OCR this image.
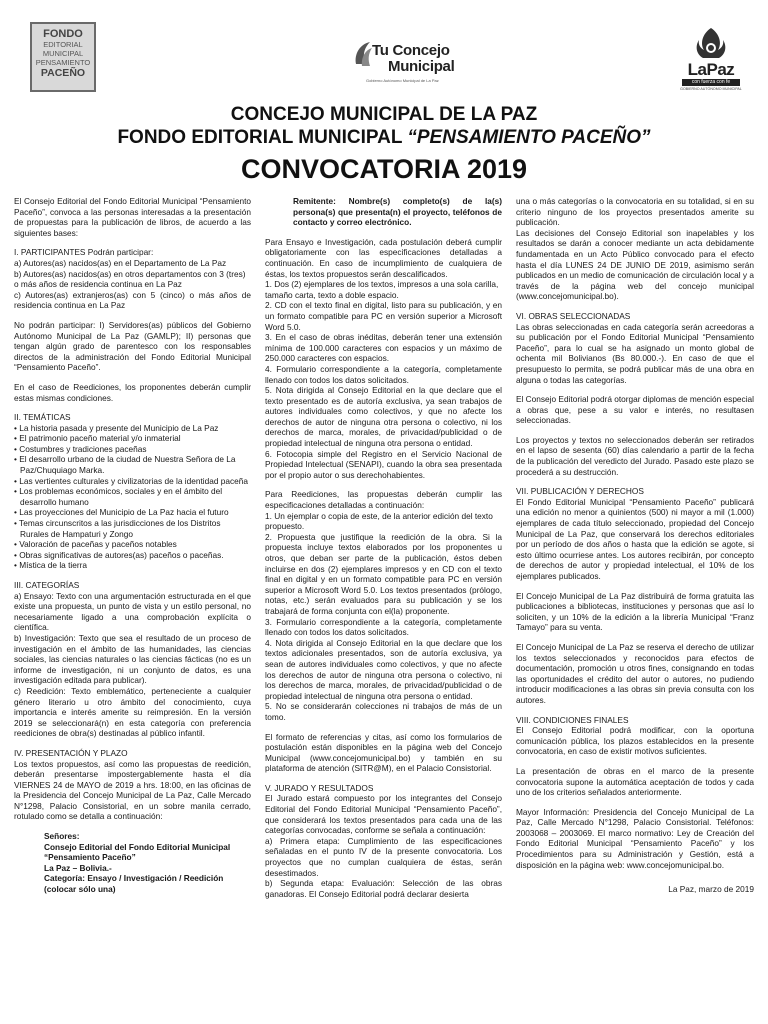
FONDO
EDITORIAL
MUNICIPAL
PENSAMIENTO
PACEÑO
Tu Concejo
Municipal
Gobierno Autónomo Municipal de La Paz
LaPaz
con fuerza con fe
GOBIERNO AUTÓNOMO MUNICIPAL
CONCEJO MUNICIPAL DE LA PAZ
FONDO EDITORIAL MUNICIPAL “PENSAMIENTO PACEÑO”
CONVOCATORIA 2019

El Consejo Editorial del Fondo Editorial Municipal “Pensamiento Paceño”, convoca a las personas interesadas a la presentación de propuestas para la publicación de libros, de acuerdo a las siguientes bases:

I. PARTICIPANTES Podrán participar:
a) Autores(as) nacidos(as) en el Departamento de La Paz
b) Autores(as) nacidos(as) en otros departamentos con 3 (tres) o más años de residencia continua en La Paz

c) Autores(as) extranjeros(as) con 5 (cinco) o más años de residencia continua en La Paz

No podrán participar: I) Servidores(as) públicos del Gobierno Autónomo Municipal de La Paz (GAMLP); II) personas que tengan algún grado de parentesco con los responsables directos de la administración del Fondo Editorial Municipal “Pensamiento Paceño”.

En el caso de Reediciones, los proponentes deberán cumplir estas mismas condiciones.

II. TEMÁTICAS
• La historia pasada y presente del Municipio de La Paz
• El patrimonio paceño material y/o inmaterial
• Costumbres y tradiciones paceñas
• El desarrollo urbano de la ciudad de Nuestra Señora de La Paz/Chuquiago Marka.
• Las vertientes culturales y civilizatorias de la identidad paceña
• Los problemas económicos, sociales y en el ámbito del desarrollo humano
• Las proyecciones del Municipio de La Paz hacia el futuro
• Temas circunscritos a las jurisdicciones de los Distritos Rurales de Hampaturi y Zongo
• Valoración de paceñas y paceños notables
• Obras significativas de autores(as) paceños o paceñas.
• Mística de la tierra
III. CATEGORÍAS

a) Ensayo: Texto con una argumentación estructurada en el que existe una propuesta, un punto de vista y un estilo personal, no necesariamente ligado a una comprobación explícita o científica.

b) Investigación: Texto que sea el resultado de un proceso de investigación en el ámbito de las humanidades, las ciencias sociales, las ciencias naturales o las ciencias fácticas (no es un informe de investigación, ni un conjunto de datos, es una investigación editada para publicar).

c) Reedición: Texto emblemático, perteneciente a cualquier género literario u otro ámbito del conocimiento, cuya importancia e interés amerite su reimpresión. En la versión 2019 se seleccionará(n) en esta categoría con preferencia reediciones de obra(s) destinadas al público infantil.

IV. PRESENTACIÓN Y PLAZO

Los textos propuestos, así como las propuestas de reedición, deberán presentarse impostergablemente hasta el día VIERNES 24 de MAYO de 2019 a hrs. 18:00, en las oficinas de la Presidencia del Concejo Municipal de La Paz, Calle Mercado N°1298, Palacio Consistorial, en un sobre manila cerrado, rotulado como se detalla a continuación:

Señores:
Consejo Editorial del Fondo Editorial Municipal “Pensamiento Paceño”
La Paz – Bolivia.-
Categoría: Ensayo / Investigación / Reedición (colocar sólo una)

Remitente: Nombre(s) completo(s) de la(s) persona(s) que presenta(n) el proyecto, teléfonos de contacto y correo electrónico.

Para Ensayo e Investigación, cada postulación deberá cumplir obligatoriamente con las especificaciones detalladas a continuación. En caso de incumplimiento de cualquiera de éstas, los textos propuestos serán descalificados.

1. Dos (2) ejemplares de los textos, impresos a una sola carilla, tamaño carta, texto a doble espacio.
2. CD con el texto final en digital, listo para su publicación, y en un formato compatible para PC en versión superior a Microsoft Word 5.0.
3. En el caso de obras inéditas, deberán tener una extensión mínima de 100.000 caracteres con espacios y un máximo de 250.000 caracteres con espacios.
4. Formulario correspondiente a la categoría, completamente llenado con todos los datos solicitados.
5. Nota dirigida al Consejo Editorial en la que declare que el texto presentado es de autoría exclusiva, ya sean trabajos de autores individuales como colectivos, y que no afecte los derechos de autor de ninguna otra persona o colectivo, ni los derechos de marca, morales, de privacidad/publicidad o de propiedad intelectual de ninguna otra persona o entidad.

6. Fotocopia simple del Registro en el Servicio Nacional de Propiedad Intelectual (SENAPI), cuando la obra sea presentada por el propio autor o sus derechohabientes.

Para Reediciones, las propuestas deberán cumplir las especificaciones detalladas a continuación:

1. Un ejemplar o copia de este, de la anterior edición del texto propuesto.
2. Propuesta que justifique la reedición de la obra. Si la propuesta incluye textos elaborados por los proponentes u otros, que deban ser parte de la publicación, éstos deben incluirse en dos (2) ejemplares impresos y en CD con el texto final en digital y en un formato compatible para PC en versión superior a Microsoft Word 5.0. Los textos presentados (prólogo, notas, etc.) serán evaluados para su publicación y se los trabajará de forma conjunta con el(la) proponente.
3. Formulario correspondiente a la categoría, completamente llenado con todos los datos solicitados.
4. Nota dirigida al Consejo Editorial en la que declare que los textos adicionales presentados, son de autoría exclusiva, ya sean de autores individuales como colectivos, y que no afecte los derechos de autor de ninguna otra persona o colectivo, ni los derechos de marca, morales, de privacidad/publicidad o de propiedad intelectual de ninguna otra persona o entidad.

5. No se considerarán colecciones ni trabajos de más de un tomo.

El formato de referencias y citas, así como los formularios de postulación están disponibles en la página web del Concejo Municipal (www.concejomunicipal.bo) y también en su plataforma de atención (SITR@M), en el Palacio Consistorial.

V. JURADO Y RESULTADOS

El Jurado estará compuesto por los integrantes del Consejo Editorial del Fondo Editorial Municipal “Pensamiento Paceño”, que considerará los textos presentados para cada una de las categorías convocadas, conforme se señala a continuación:

a) Primera etapa: Cumplimiento de las especificaciones señaladas en el punto IV de la presente convocatoria. Los proyectos que no cumplan cualquiera de éstas, serán desestimados.

b) Segunda etapa: Evaluación: Selección de las obras ganadoras. El Consejo Editorial podrá declarar desierta

una o más categorías o la convocatoria en su totalidad, si en su criterio ninguno de los proyectos presentados amerite su publicación.

Las decisiones del Consejo Editorial son inapelables y los resultados se darán a conocer mediante un acta debidamente fundamentada en un Acto Público convocado para el efecto hasta el día LUNES 24 DE JUNIO DE 2019, asimismo serán publicados en un medio de comunicación de circulación local y a través de la página web del concejo municipal (www.concejomunicipal.bo).

VI. OBRAS SELECCIONADAS

Las obras seleccionadas en cada categoría serán acreedoras a su publicación por el Fondo Editorial Municipal “Pensamiento Paceño”, para lo cual se ha asignado un monto global de ochenta mil Bolivianos (Bs 80.000.-). En caso de que el presupuesto lo permita, se podrá publicar más de una obra en alguna o todas las categorías.

El Consejo Editorial podrá otorgar diplomas de mención especial a obras que, pese a su valor e interés, no resultasen seleccionadas.

Los proyectos y textos no seleccionados deberán ser retirados en el lapso de sesenta (60) días calendario a partir de la fecha de la publicación del veredicto del Jurado. Pasado este plazo se procederá a su destrucción.

VII. PUBLICACIÓN Y DERECHOS

El Fondo Editorial Municipal “Pensamiento Paceño” publicará una edición no menor a quinientos (500) ni mayor a mil (1.000) ejemplares de cada título seleccionado, propiedad del Concejo Municipal de La Paz, que conservará los derechos editoriales por un período de dos años o hasta que la edición se agote, si esto último ocurriese antes. Los autores recibirán, por concepto de derechos de autor y propiedad intelectual, el 10% de los ejemplares publicados.

El Concejo Municipal de La Paz distribuirá de forma gratuita las publicaciones a bibliotecas, instituciones y personas que así lo soliciten, y un 10% de la edición a la librería Municipal “Franz Tamayo” para su venta.

El Concejo Municipal de La Paz se reserva el derecho de utilizar los textos seleccionados y reconocidos para efectos de documentación, promoción u otros fines, consignando en todas las oportunidades el crédito del autor o autores, no pudiendo introducir modificaciones a las obras sin previa consulta con los autores.

VIII. CONDICIONES FINALES

El Consejo Editorial podrá modificar, con la oportuna comunicación pública, los plazos establecidos en la presente convocatoria, en caso de existir motivos suficientes.

La presentación de obras en el marco de la presente convocatoria supone la automática aceptación de todos y cada uno de los criterios señalados anteriormente.

Mayor Información: Presidencia del Concejo Municipal de La Paz, Calle Mercado N°1298, Palacio Consistorial. Teléfonos: 2003068 – 2003069. El marco normativo: Ley de Creación del Fondo Editorial Municipal “Pensamiento Paceño” y los Procedimientos para su Administración y Gestión, está a disposición en la página web: www.concejomunicipal.bo.

La Paz, marzo de 2019
